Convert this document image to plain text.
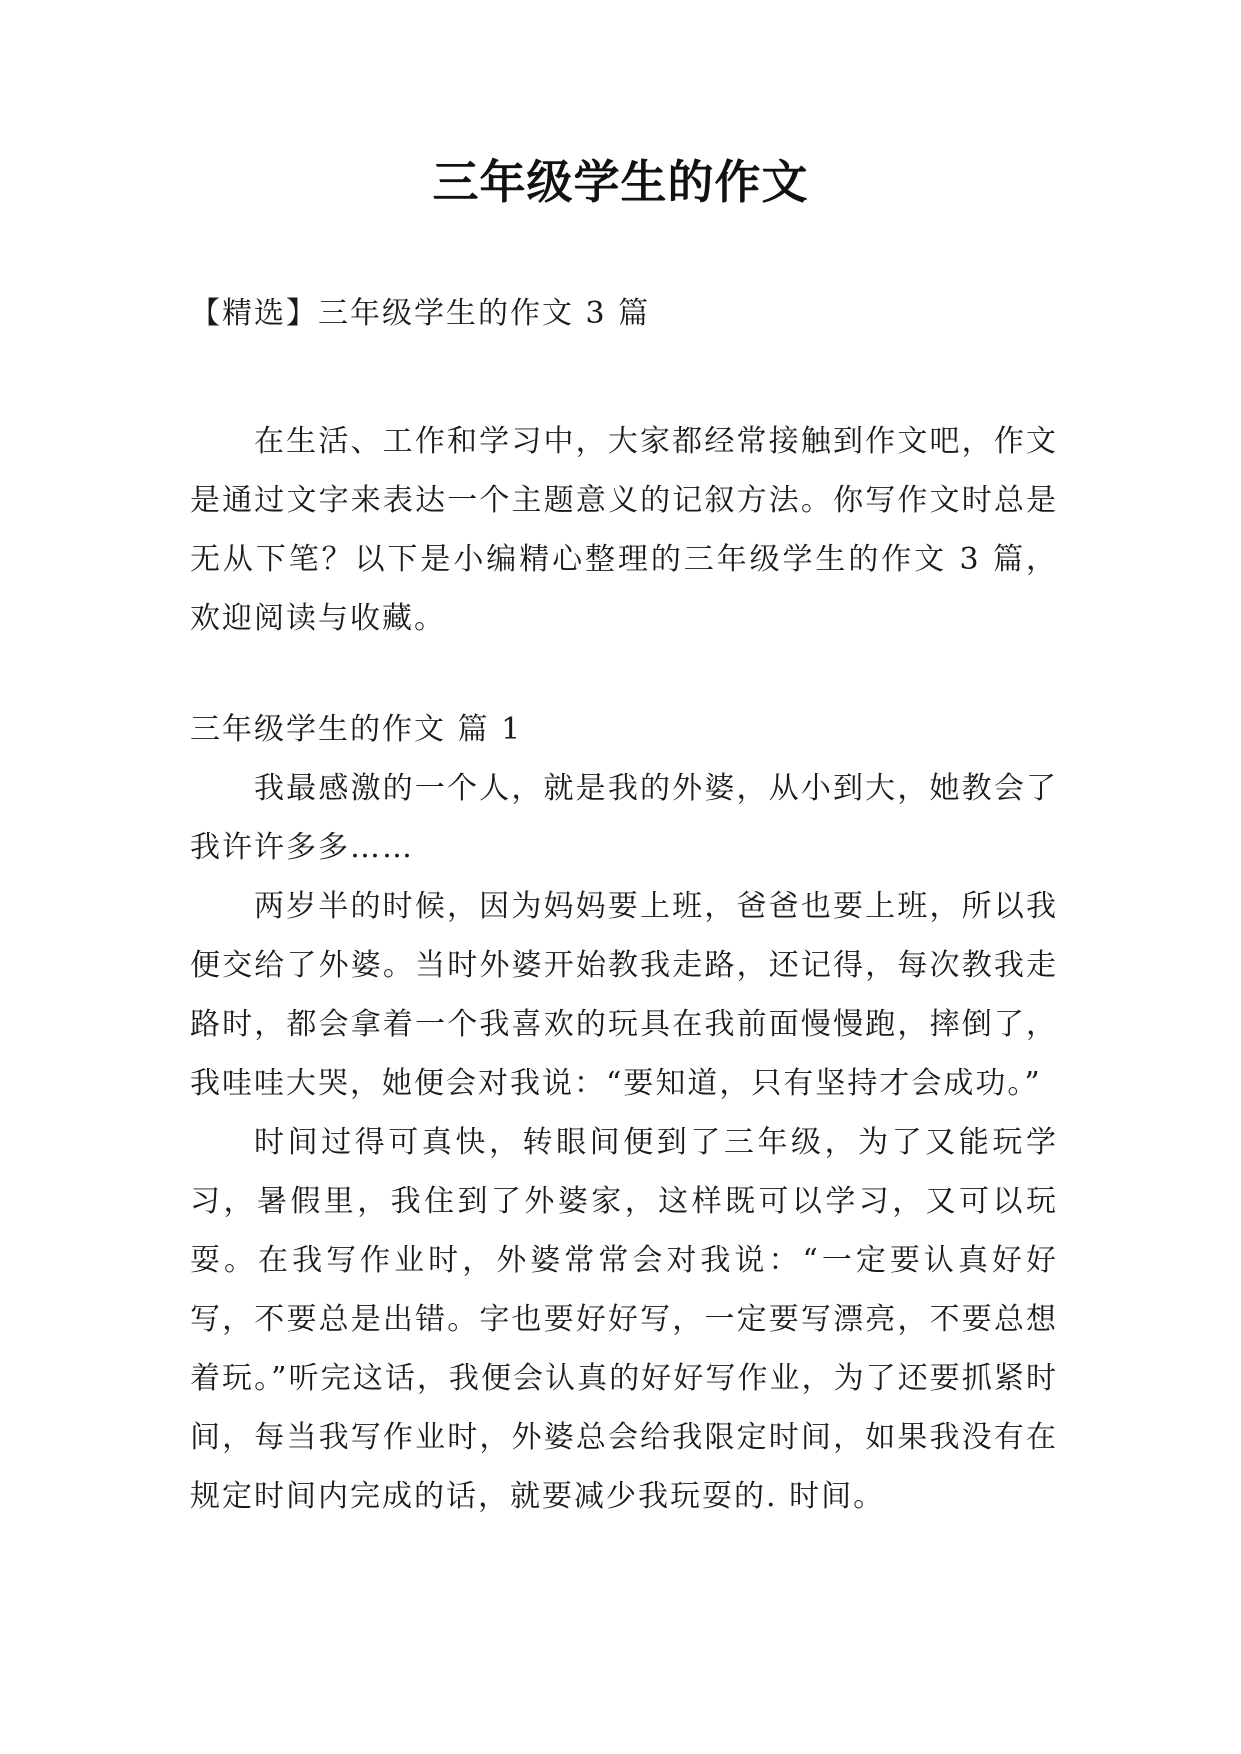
三年级学生的作文
【精选】三年级学生的作文 3 篇
在生活、工作和学习中，大家都经常接触到作文吧，作文是通过文字来表达一个主题意义的记叙方法。你写作文时总是无从下笔？以下是小编精心整理的三年级学生的作文 3 篇，欢迎阅读与收藏。

三年级学生的作文 篇 1

我最感激的一个人，就是我的外婆，从小到大，她教会了我许许多多……

两岁半的时候，因为妈妈要上班，爸爸也要上班，所以我便交给了外婆。当时外婆开始教我走路，还记得，每次教我走路时，都会拿着一个我喜欢的玩具在我前面慢慢跑，摔倒了，我哇哇大哭，她便会对我说：“要知道，只有坚持才会成功。”

时间过得可真快，转眼间便到了三年级，为了又能玩学习，暑假里，我住到了外婆家，这样既可以学习，又可以玩耍。在我写作业时，外婆常常会对我说：“一定要认真好好写，不要总是出错。字也要好好写，一定要写漂亮，不要总想着玩。”听完这话，我便会认真的好好写作业，为了还要抓紧时间，每当我写作业时，外婆总会给我限定时间，如果我没有在规定时间内完成的话，就要减少我玩耍的. 时间。
